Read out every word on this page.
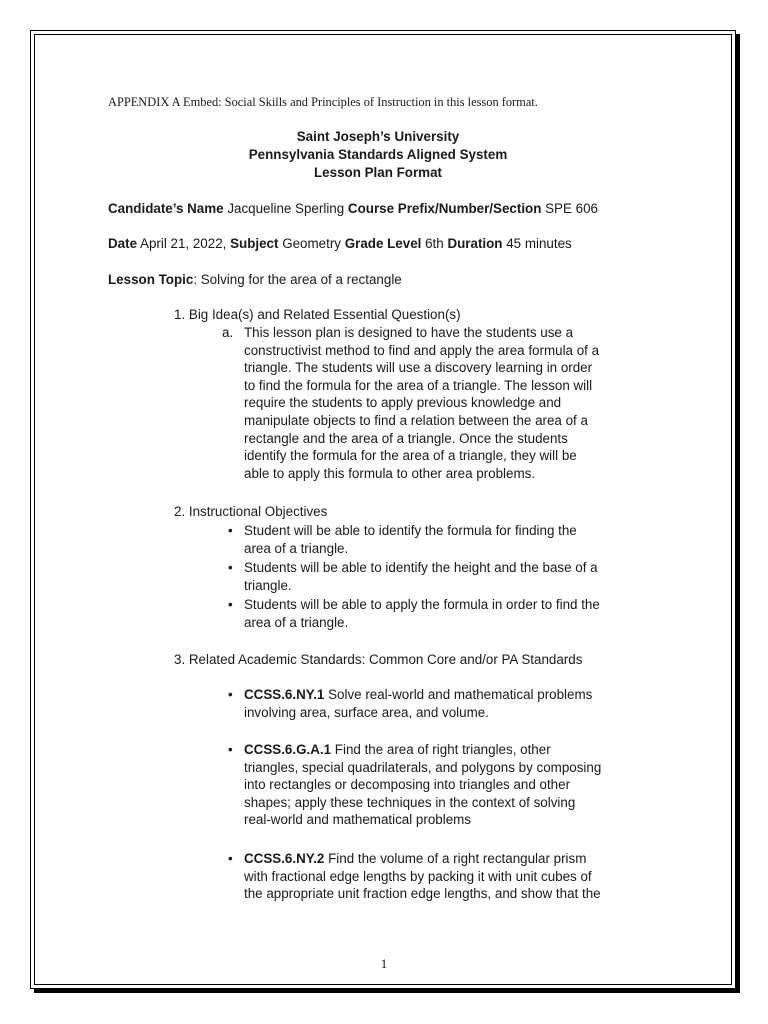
APPENDIX A Embed: Social Skills and Principles of Instruction in this lesson format.
Saint Joseph’s University
Pennsylvania Standards Aligned System
Lesson Plan Format
Candidate’s Name Jacqueline Sperling Course Prefix/Number/Section SPE 606
Date April 21, 2022, Subject Geometry Grade Level 6th Duration 45 minutes
Lesson Topic: Solving for the area of a rectangle
1. Big Idea(s) and Related Essential Question(s)
a. This lesson plan is designed to have the students use a
constructivist method to find and apply the area formula of a
triangle. The students will use a discovery learning in order
to find the formula for the area of a triangle. The lesson will
require the students to apply previous knowledge and
manipulate objects to find a relation between the area of a
rectangle and the area of a triangle. Once the students
identify the formula for the area of a triangle, they will be
able to apply this formula to other area problems.
2. Instructional Objectives
• Student will be able to identify the formula for finding the
area of a triangle.
• Students will be able to identify the height and the base of a
triangle.
• Students will be able to apply the formula in order to find the
area of a triangle.
3. Related Academic Standards: Common Core and/or PA Standards
• CCSS.6.NY.1 Solve real-world and mathematical problems
involving area, surface area, and volume.
• CCSS.6.G.A.1 Find the area of right triangles, other
triangles, special quadrilaterals, and polygons by composing
into rectangles or decomposing into triangles and other
shapes; apply these techniques in the context of solving
real-world and mathematical problems
• CCSS.6.NY.2 Find the volume of a right rectangular prism
with fractional edge lengths by packing it with unit cubes of
the appropriate unit fraction edge lengths, and show that the
1
